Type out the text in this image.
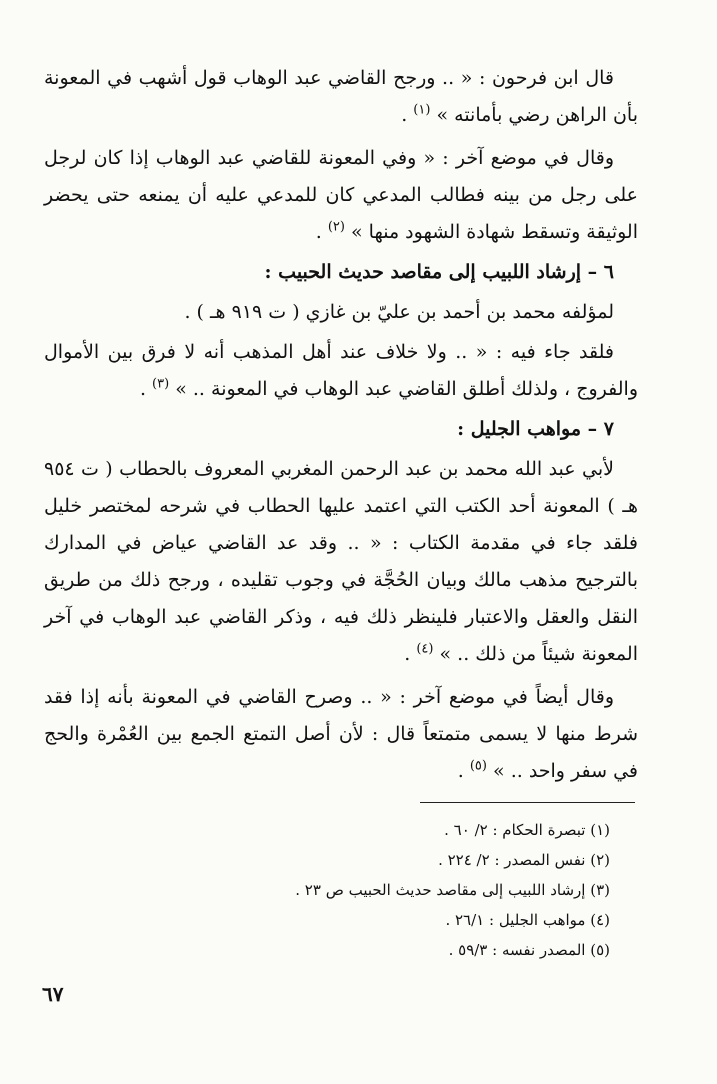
قال ابن فرحون : « .. ورجح القاضي عبد الوهاب قول أشهب في المعونة بأن الراهن رضي بأمانته » $^{(١)}$ .

وقال في موضع آخر : « وفي المعونة للقاضي عبد الوهاب إذا كان لرجل على رجل من بينه فطالب المدعي كان للمدعي عليه أن يمنعه حتى يحضر الوثيقة وتسقط شهادة الشهود منها » $^{(٢)}$ .

٦ – إرشاد اللبيب إلى مقاصد حديث الحبيب :

لمؤلفه محمد بن أحمد بن عليّ بن غازي ( ت ٩١٩ هـ ) .

فلقد جاء فيه : « .. ولا خلاف عند أهل المذهب أنه لا فرق بين الأموال والفروج ، ولذلك أطلق القاضي عبد الوهاب في المعونة .. » $^{(٣)}$ .

٧ – مواهب الجليل :

لأبي عبد الله محمد بن عبد الرحمن المغربي المعروف بالحطاب ( ت ٩٥٤ هـ ) المعونة أحد الكتب التي اعتمد عليها الحطاب في شرحه لمختصر خليل فلقد جاء في مقدمة الكتاب : « .. وقد عد القاضي عياض في المدارك بالترجيح مذهب مالك وبيان الحُجَّة في وجوب تقليده ، ورجح ذلك من طريق النقل والعقل والاعتبار فلينظر ذلك فيه ، وذكر القاضي عبد الوهاب في آخر المعونة شيئاً من ذلك .. » $^{(٤)}$ .

وقال أيضاً في موضع آخر : « .. وصرح القاضي في المعونة بأنه إذا فقد شرط منها لا يسمى متمتعاً قال : لأن أصل التمتع الجمع بين العُمْرة والحج في سفر واحد .. » $^{(٥)}$ .

(١) تبصرة الحكام : ٢/ ٦٠ .

(٢) نفس المصدر : ٢/ ٢٢٤ .

(٣) إرشاد اللبيب إلى مقاصد حديث الحبيب ص ٢٣ .

(٤) مواهب الجليل : ٢٦/١ .

(٥) المصدر نفسه : ٥٩/٣ .

٦٧
